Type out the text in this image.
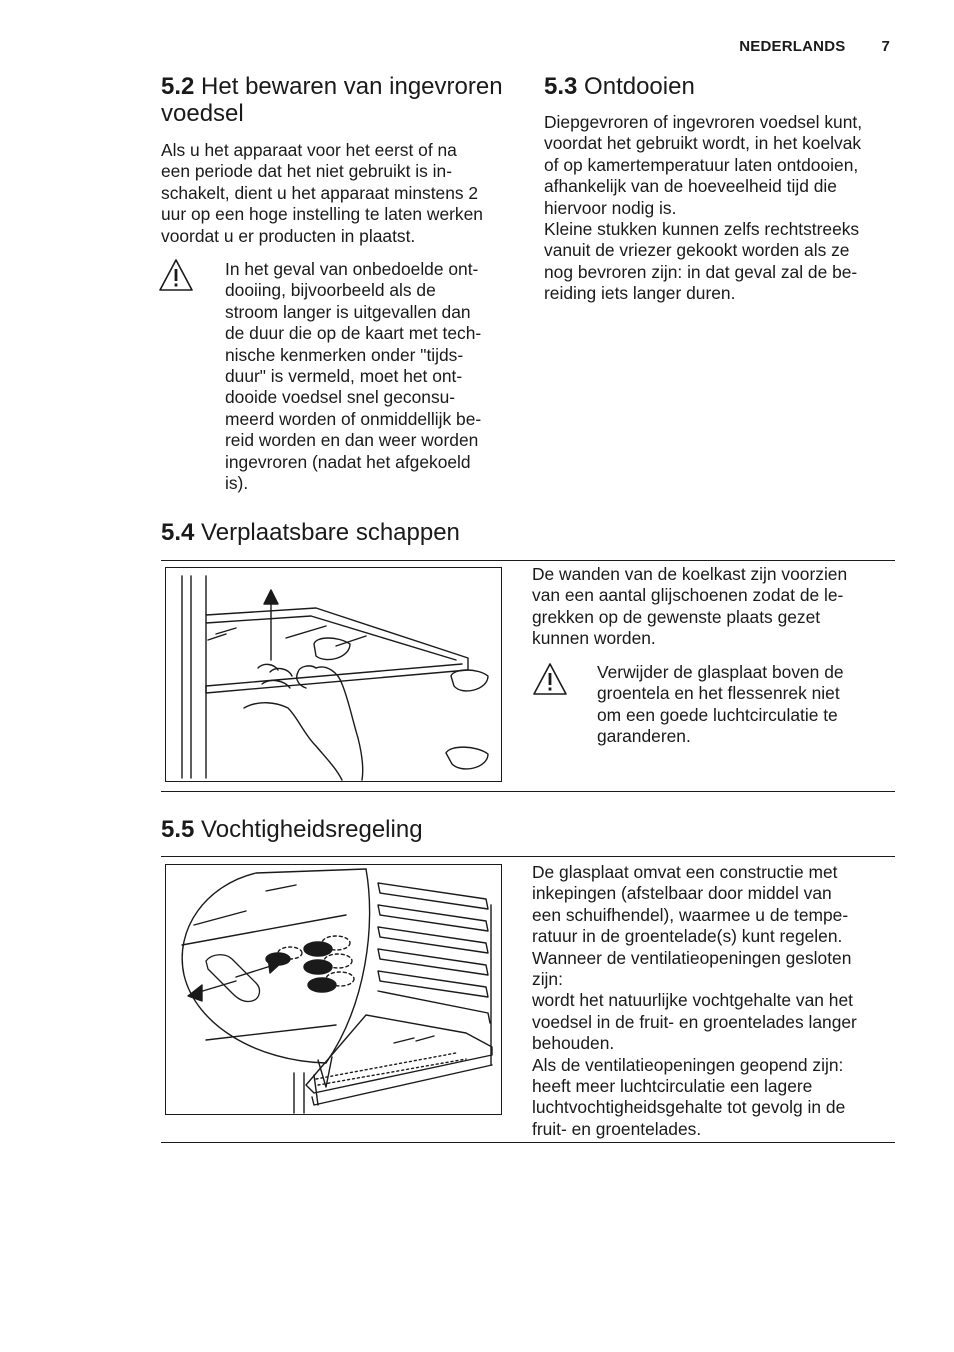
NEDERLANDS 7
5.2 Het bewaren van ingevroren voedsel

Als u het apparaat voor het eerst of na
een periode dat het niet gebruikt is in-
schakelt, dient u het apparaat minstens 2
uur op een hoge instelling te laten werken
voordat u er producten in plaatst.

In het geval van onbedoelde ont-
dooiing, bijvoorbeeld als de
stroom langer is uitgevallen dan
de duur die op de kaart met tech-
nische kenmerken onder "tijds-
duur" is vermeld, moet het ont-
dooide voedsel snel geconsu-
meerd worden of onmiddellijk be-
reid worden en dan weer worden
ingevroren (nadat het afgekoeld
is).

5.3 Ontdooien

Diepgevroren of ingevroren voedsel kunt,
voordat het gebruikt wordt, in het koelvak
of op kamertemperatuur laten ontdooien,
afhankelijk van de hoeveelheid tijd die
hiervoor nodig is.
Kleine stukken kunnen zelfs rechtstreeks
vanuit de vriezer gekookt worden als ze
nog bevroren zijn: in dat geval zal de be-
reiding iets langer duren.

5.4 Verplaatsbare schappen

De wanden van de koelkast zijn voorzien
van een aantal glijschoenen zodat de le-
grekken op de gewenste plaats gezet
kunnen worden.

Verwijder de glasplaat boven de
groentela en het flessenrek niet
om een goede luchtcirculatie te
garanderen.

5.5 Vochtigheidsregeling

De glasplaat omvat een constructie met
inkepingen (afstelbaar door middel van
een schuifhendel), waarmee u de tempe-
ratuur in de groentelade(s) kunt regelen.
Wanneer de ventilatieopeningen gesloten
zijn:
wordt het natuurlijke vochtgehalte van het
voedsel in de fruit- en groentelades langer
behouden.
Als de ventilatieopeningen geopend zijn:
heeft meer luchtcirculatie een lagere
luchtvochtigheidsgehalte tot gevolg in de
fruit- en groentelades.
